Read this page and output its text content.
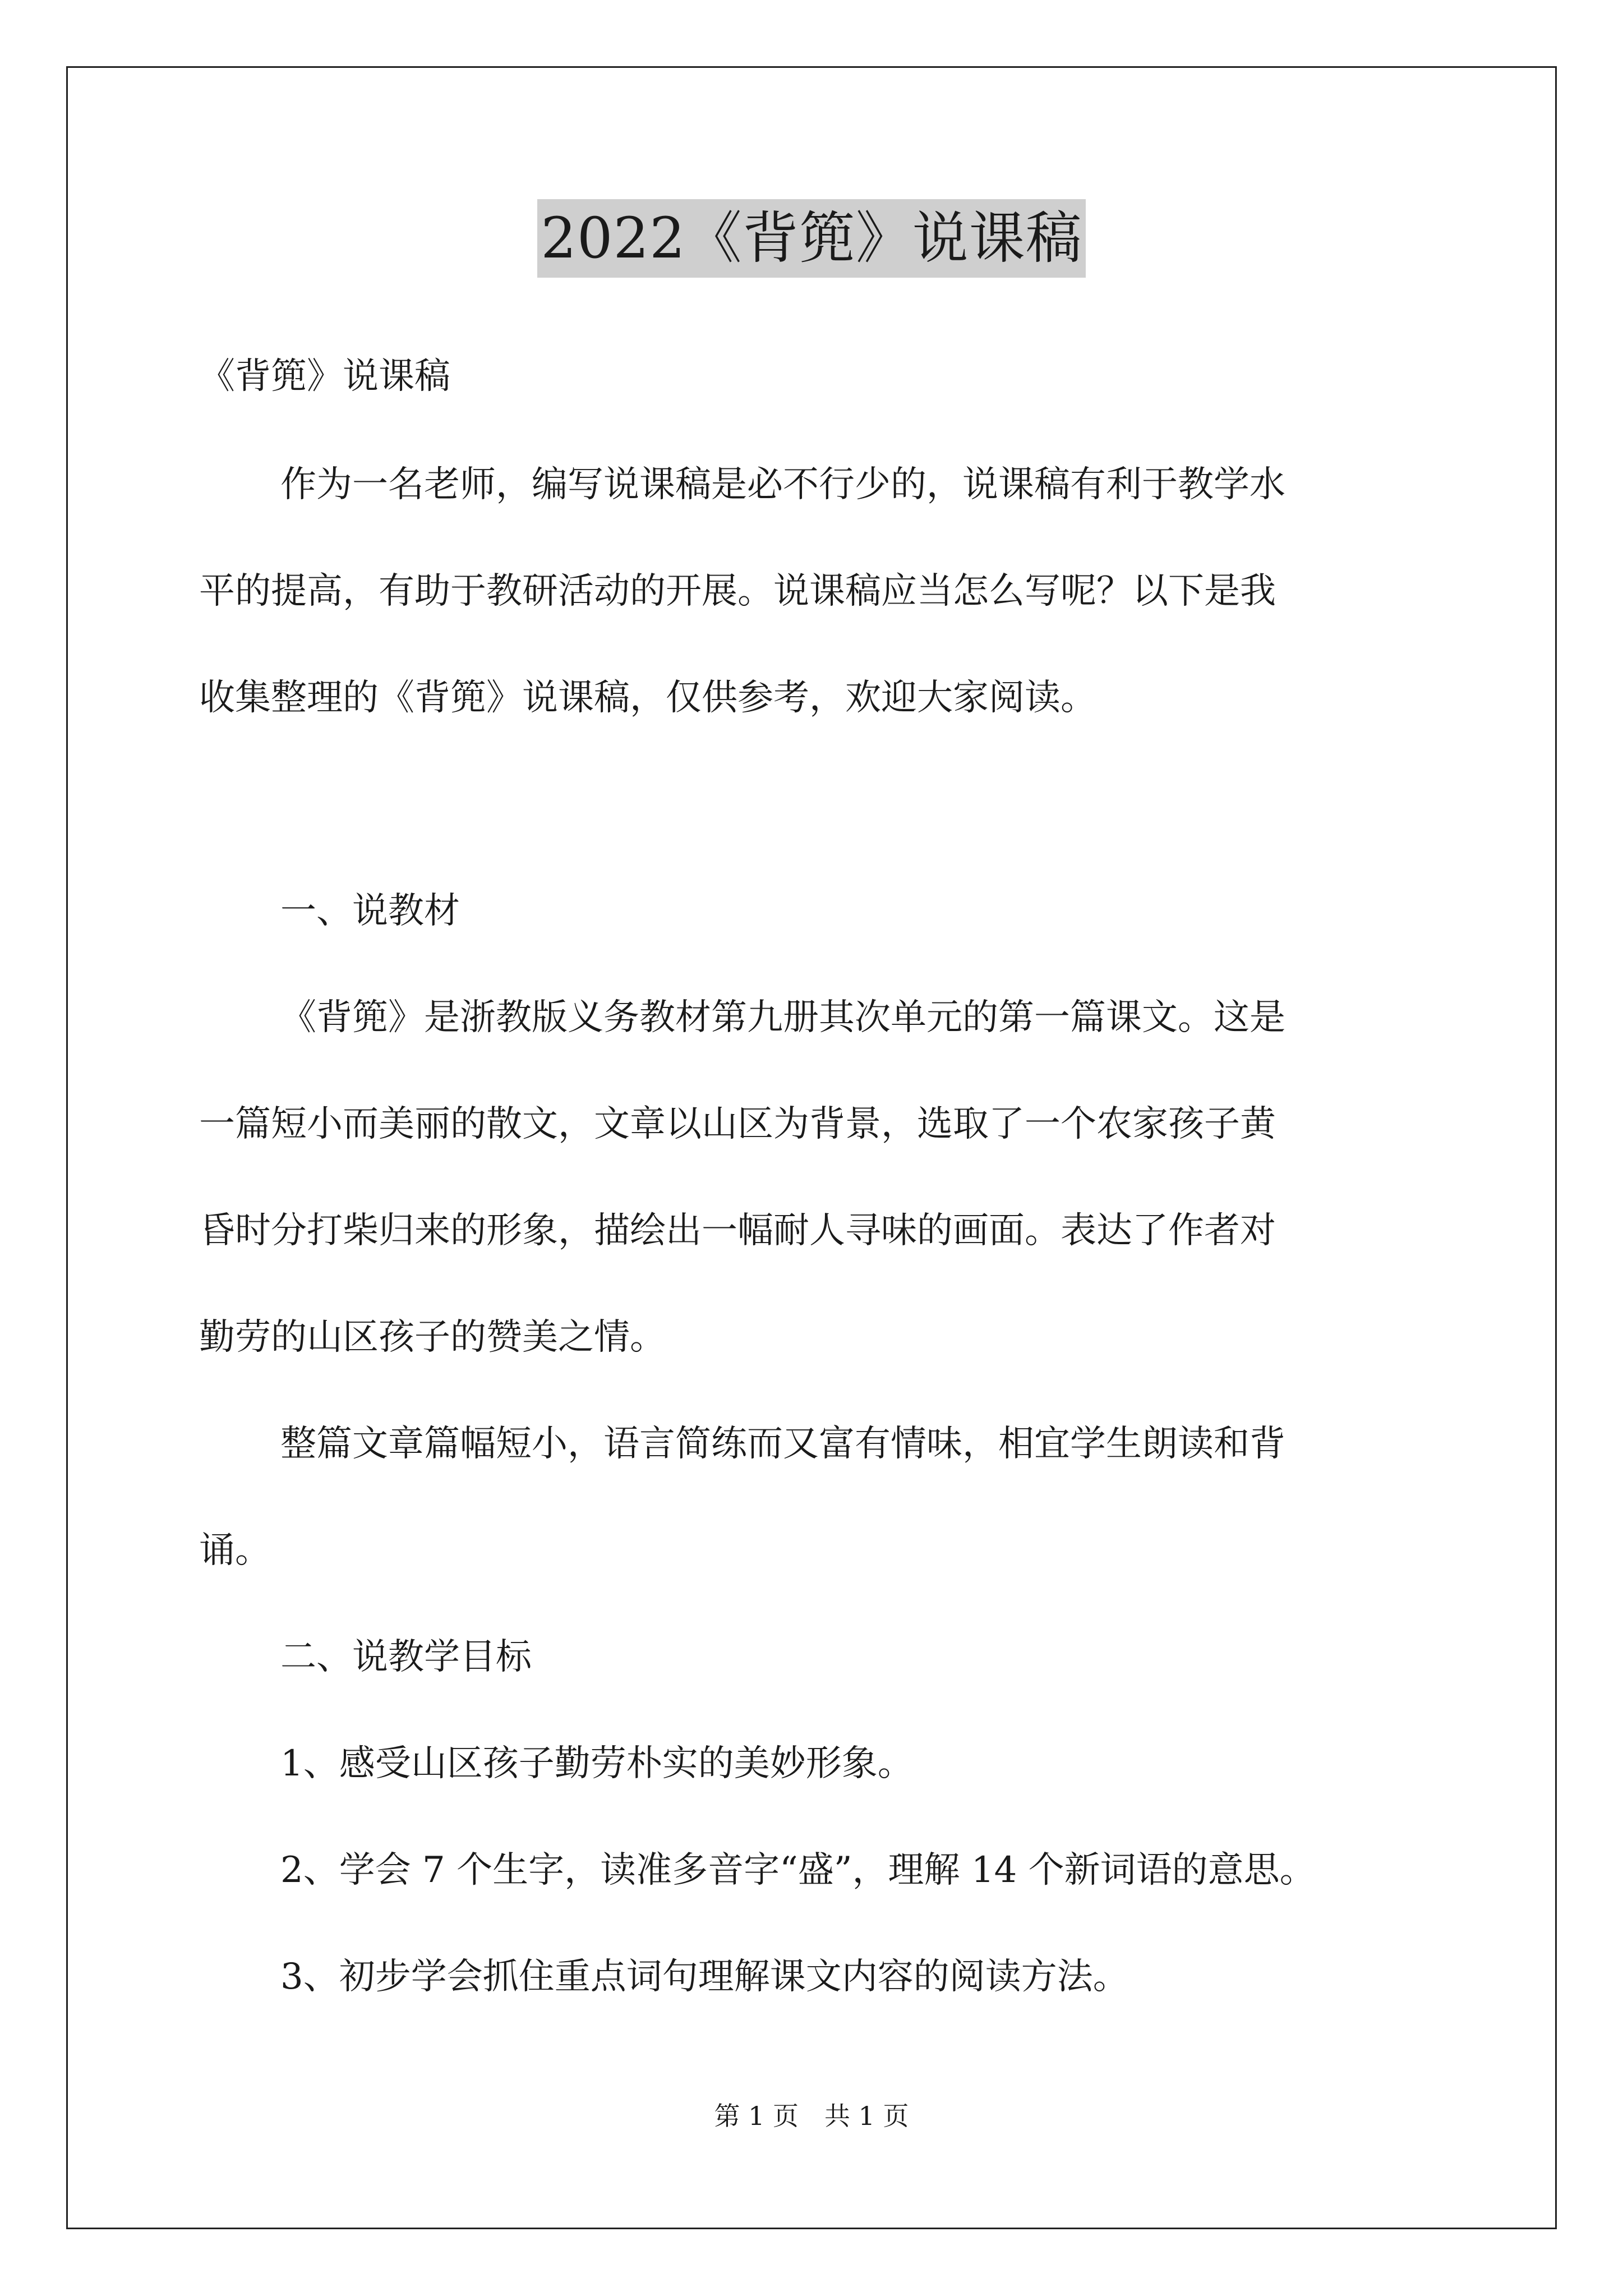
2022《背篼》说课稿
《背篼》说课稿
作为一名老师，编写说课稿是必不行少的，说课稿有利于教学水
平的提高，有助于教研活动的开展。说课稿应当怎么写呢？以下是我
收集整理的《背篼》说课稿，仅供参考，欢迎大家阅读。
一、说教材
《背篼》是浙教版义务教材第九册其次单元的第一篇课文。这是
一篇短小而美丽的散文，文章以山区为背景，选取了一个农家孩子黄
昏时分打柴归来的形象，描绘出一幅耐人寻味的画面。表达了作者对
勤劳的山区孩子的赞美之情。
整篇文章篇幅短小，语言简练而又富有情味，相宜学生朗读和背
诵。
二、说教学目标
1、感受山区孩子勤劳朴实的美妙形象。
2、学会 7 个生字，读准多音字“盛”，理解 14 个新词语的意思。
3、初步学会抓住重点词句理解课文内容的阅读方法。
第 1 页　共 1 页
